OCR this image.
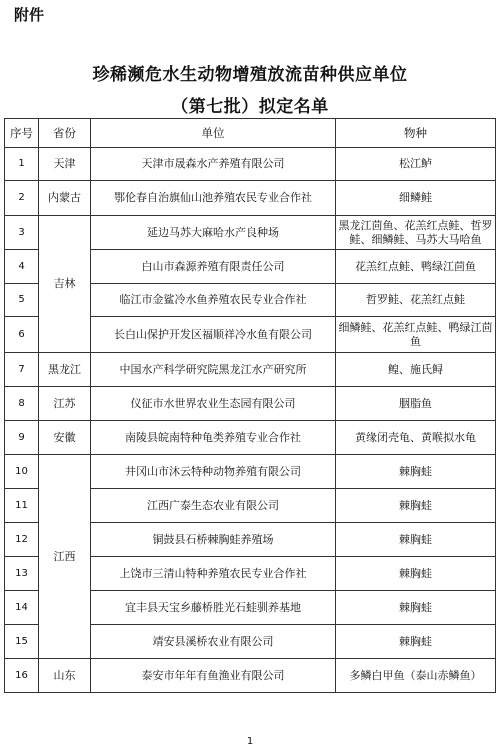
附件
珍稀濒危水生动物增殖放流苗种供应单位
（第七批）拟定名单
序号	省份	单位	物种
1	天津	天津市晟森水产养殖有限公司	松江鲈
2	内蒙古	鄂伦春自治旗仙山池养殖农民专业合作社	细鳞鲑
3	吉林	延边马苏大麻哈水产良种场	黑龙江茴鱼、花羔红点鲑、哲罗鲑、细鳞鲑、马苏大马哈鱼
4		白山市森源养殖有限责任公司	花羔红点鲑、鸭绿江茴鱼
5		临江市金鲨冷水鱼养殖农民专业合作社	哲罗鲑、花羔红点鲑
6		长白山保护开发区福顺祥冷水鱼有限公司	细鳞鲑、花羔红点鲑、鸭绿江茴鱼
7	黑龙江	中国水产科学研究院黑龙江水产研究所	鳇、施氏鲟
8	江苏	仪征市水世界农业生态园有限公司	胭脂鱼
9	安徽	南陵县皖南特种龟类养殖专业合作社	黄缘闭壳龟、黄喉拟水龟
10	江西	井冈山市沐云特种动物养殖有限公司	棘胸蛙
11		江西广泰生态农业有限公司	棘胸蛙
12		铜鼓县石桥棘胸蛙养殖场	棘胸蛙
13		上饶市三清山特种养殖农民专业合作社	棘胸蛙
14		宜丰县天宝乡藤桥胜光石蛙驯养基地	棘胸蛙
15		靖安县溪桥农业有限公司	棘胸蛙
16	山东	泰安市年年有鱼渔业有限公司	多鳞白甲鱼（泰山赤鳞鱼）
1
